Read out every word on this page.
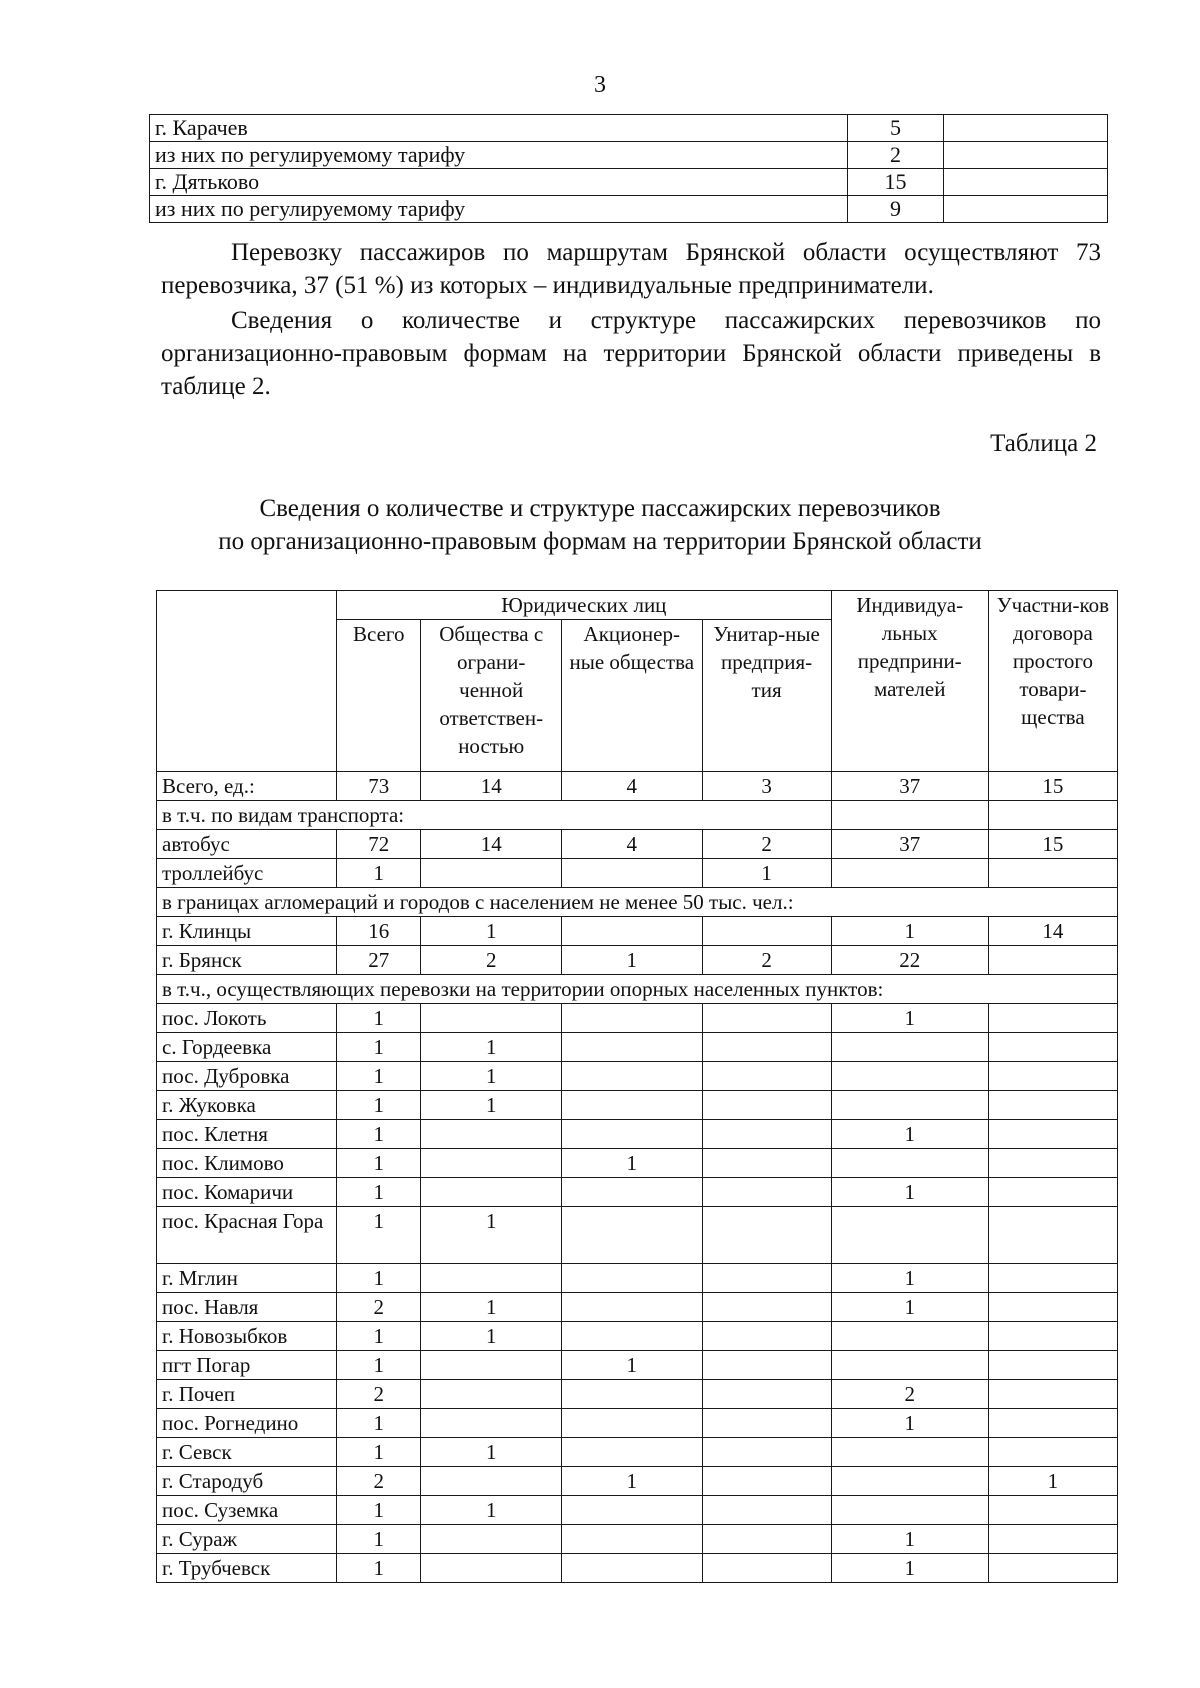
3
г. Карачев	5	
из них по регулируемому тарифу	2	
г. Дятьково	15	
из них по регулируемому тарифу	9	

Перевозку пассажиров по маршрутам Брянской области осуществляют 73 перевозчика, 37 (51 %) из которых – индивидуальные предприниматели.

Сведения о количестве и структуре пассажирских перевозчиков по организационно-правовым формам на территории Брянской области приведены в таблице 2.

Таблица 2
Сведения о количестве и структуре пассажирских перевозчиков
по организационно-правовым формам на территории Брянской области
	Юридических лиц				Индивидуа-льных предприни-мателей	Участни-ков договора простого товари-щества
	Всего	Общества с ограни-ченной ответствен-ностью	Акционер-ные общества	Унитар-ные предприя-тия		
Всего, ед.:	73	14	4	3	37	15
в т.ч. по видам транспорта:						
автобус	72	14	4	2	37	15
троллейбус	1			1		
в границах агломераций и городов с населением не менее 50 тыс. чел.:						
г. Клинцы	16	1			1	14
г. Брянск	27	2	1	2	22	
в т.ч., осуществляющих перевозки на территории опорных населенных пунктов:						
пос. Локоть	1				1	
с. Гордеевка	1	1				
пос. Дубровка	1	1				
г. Жуковка	1	1				
пос. Клетня	1				1	
пос. Климово	1		1			
пос. Комаричи	1				1	
пос. Красная Гора	1	1				
г. Мглин	1				1	
пос. Навля	2	1			1	
г. Новозыбков	1	1				
пгт Погар	1		1			
г. Почеп	2				2	
пос. Рогнедино	1				1	
г. Севск	1	1				
г. Стародуб	2		1			1
пос. Суземка	1	1				
г. Сураж	1				1	
г. Трубчевск	1				1	
